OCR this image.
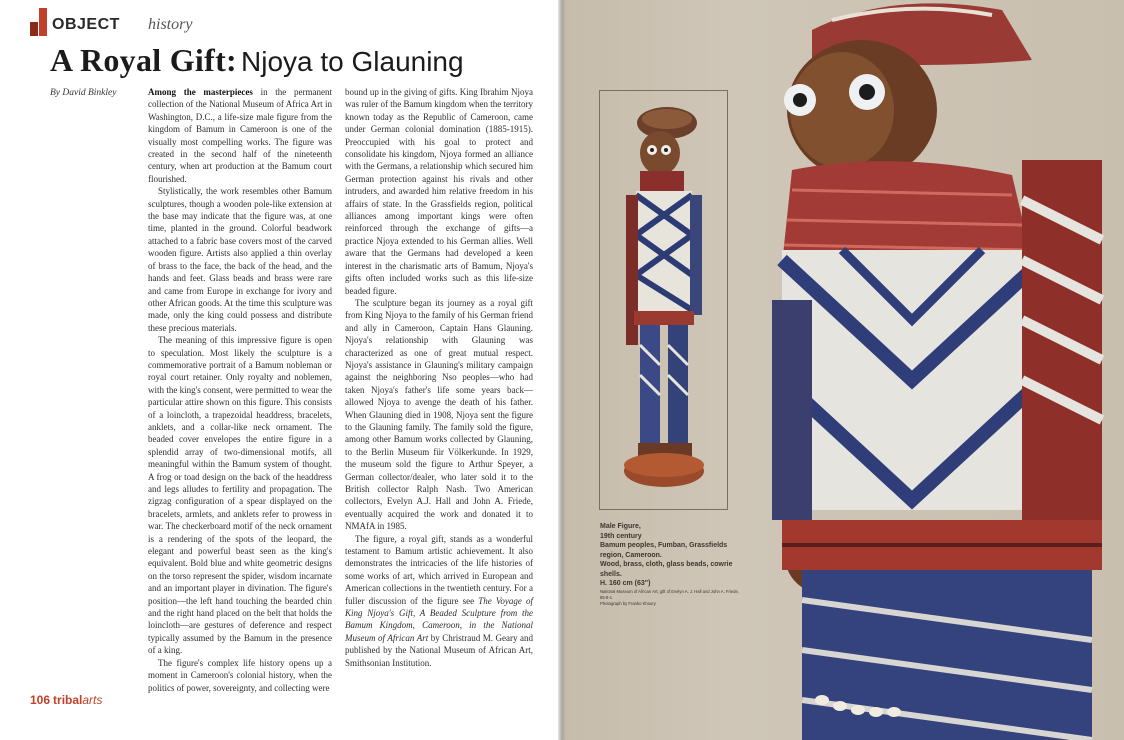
OBJECT history
A Royal Gift: Njoya to Glauning
By David Binkley	Among the masterpieces in the permanent collection of the National Museum of Africa Art in Washington, D.C., a life-size male figure from the kingdom of Bamum in Cameroon is one of the visually most compelling works. The figure was created in the second half of the nineteenth century, when art production at the Bamum court flourished.

Stylistically, the work resembles other Bamum sculptures, though a wooden pole-like extension at the base may indicate that the figure was, at one time, planted in the ground. Colorful beadwork attached to a fabric base covers most of the carved wooden figure. Artists also applied a thin overlay of brass to the face, the back of the head, and the hands and feet. Glass beads and brass were rare and came from Europe in exchange for ivory and other African goods. At the time this sculpture was made, only the king could possess and distribute these precious materials.

The meaning of this impressive figure is open to speculation. Most likely the sculpture is a commemorative portrait of a Bamum nobleman or royal court retainer. Only royalty and noblemen, with the king's consent, were permitted to wear the particular attire shown on this figure. This consists of a loincloth, a trapezoidal headdress, bracelets, anklets, and a collar-like neck ornament. The beaded cover envelopes the entire figure in a splendid array of two-dimensional motifs, all meaningful within the Bamum system of thought. A frog or toad design on the back of the headdress and legs alludes to fertility and propagation. The zigzag configuration of a spear displayed on the bracelets, armlets, and anklets refer to prowess in war. The checkerboard motif of the neck ornament is a rendering of the spots of the leopard, the elegant and powerful beast seen as the king's equivalent. Bold blue and white geometric designs on the torso represent the spider, wisdom incarnate and an important player in divination. The figure's position—the left hand touching the bearded chin and the right hand placed on the belt that holds the loincloth—are gestures of deference and respect typically assumed by the Bamum in the presence of a king.

The figure's complex life history opens up a moment in Cameroon's colonial history, when the politics of power, sovereignty, and collecting were

bound up in the giving of gifts. King Ibrahim Njoya was ruler of the Bamum kingdom when the territory known today as the Republic of Cameroon, came under German colonial domination (1885-1915). Preoccupied with his goal to protect and consolidate his kingdom, Njoya formed an alliance with the Germans, a relationship which secured him German protection against his rivals and other intruders, and awarded him relative freedom in his affairs of state. In the Grassfields region, political alliances among important kings were often reinforced through the exchange of gifts—a practice Njoya extended to his German allies. Well aware that the Germans had developed a keen interest in the charismatic arts of Bamum, Njoya's gifts often included works such as this life-size beaded figure.

The sculpture began its journey as a royal gift from King Njoya to the family of his German friend and ally in Cameroon, Captain Hans Glauning. Njoya's relationship with Glauning was characterized as one of great mutual respect. Njoya's assistance in Glauning's military campaign against the neighboring Nso peoples—who had taken Njoya's father's life some years back—allowed Njoya to avenge the death of his father. When Glauning died in 1908, Njoya sent the figure to the Glauning family. The family sold the figure, among other Bamum works collected by Glauning, to the Berlin Museum für Völkerkunde. In 1929, the museum sold the figure to Arthur Speyer, a German collector/dealer, who later sold it to the British collector Ralph Nash. Two American collectors, Evelyn A.J. Hall and John A. Friede, eventually acquired the work and donated it to NMAfA in 1985.

The figure, a royal gift, stands as a wonderful testament to Bamum artistic achievement. It also demonstrates the intricacies of the life histories of some works of art, which arrived in European and American collections in the twentieth century. For a fuller discussion of the figure see The Voyage of King Njoya's Gift, A Beaded Sculpture from the Bamum Kingdom, Cameroon, in the National Museum of African Art by Christraud M. Geary and published by the National Museum of African Art, Smithsonian Institution.

106 tribalarts

Male Figure,

19th century

Bamum peoples, Fumban, Grassfields region, Cameroon.

Wood, brass, cloth, glass beads, cowrie shells.

H. 160 cm (63")

National Museum of African Art; gift of Evelyn A. J. Hall and John A. Friede, 85-8-1

Photograph by Franko Khoury
